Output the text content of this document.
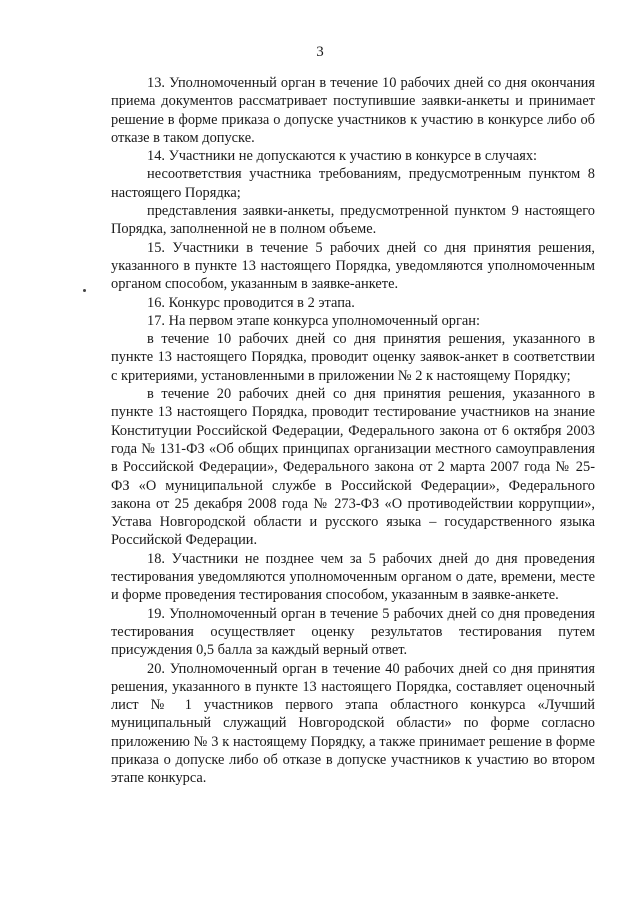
3

13. Уполномоченный орган в течение 10 рабочих дней со дня окончания приема документов рассматривает поступившие заявки-анкеты и принимает решение в форме приказа о допуске участников к участию в конкурсе либо об отказе в таком допуске.

14. Участники не допускаются к участию в конкурсе в случаях:

несоответствия участника требованиям, предусмотренным пунктом 8 настоящего Порядка;

представления заявки-анкеты, предусмотренной пунктом 9 настоящего Порядка, заполненной не в полном объеме.

15. Участники в течение 5 рабочих дней со дня принятия решения, указанного в пункте 13 настоящего Порядка, уведомляются уполномоченным органом способом, указанным в заявке-анкете.

16. Конкурс проводится в 2 этапа.

17. На первом этапе конкурса уполномоченный орган:

в течение 10 рабочих дней со дня принятия решения, указанного в пункте 13 настоящего Порядка, проводит оценку заявок-анкет в соответствии с критериями, установленными в приложении № 2 к настоящему Порядку;

в течение 20 рабочих дней со дня принятия решения, указанного в пункте 13 настоящего Порядка, проводит тестирование участников на знание Конституции Российской Федерации, Федерального закона от 6 октября 2003 года № 131-ФЗ «Об общих принципах организации местного самоуправления в Российской Федерации», Федерального закона от 2 марта 2007 года № 25-ФЗ «О муниципальной службе в Российской Федерации», Федерального закона от 25 декабря 2008 года № 273-ФЗ «О противодействии коррупции», Устава Новгородской области и русского языка – государственного языка Российской Федерации.

18. Участники не позднее чем за 5 рабочих дней до дня проведения тестирования уведомляются уполномоченным органом о дате, времени, месте и форме проведения тестирования способом, указанным в заявке-анкете.

19. Уполномоченный орган в течение 5 рабочих дней со дня проведения тестирования осуществляет оценку результатов тестирования путем присуждения 0,5 балла за каждый верный ответ.

20. Уполномоченный орган в течение 40 рабочих дней со дня принятия решения, указанного в пункте 13 настоящего Порядка, составляет оценочный лист № 1 участников первого этапа областного конкурса «Лучший муниципальный служащий Новгородской области» по форме согласно приложению № 3 к настоящему Порядку, а также принимает решение в форме приказа о допуске либо об отказе в допуске участников к участию во втором этапе конкурса.
